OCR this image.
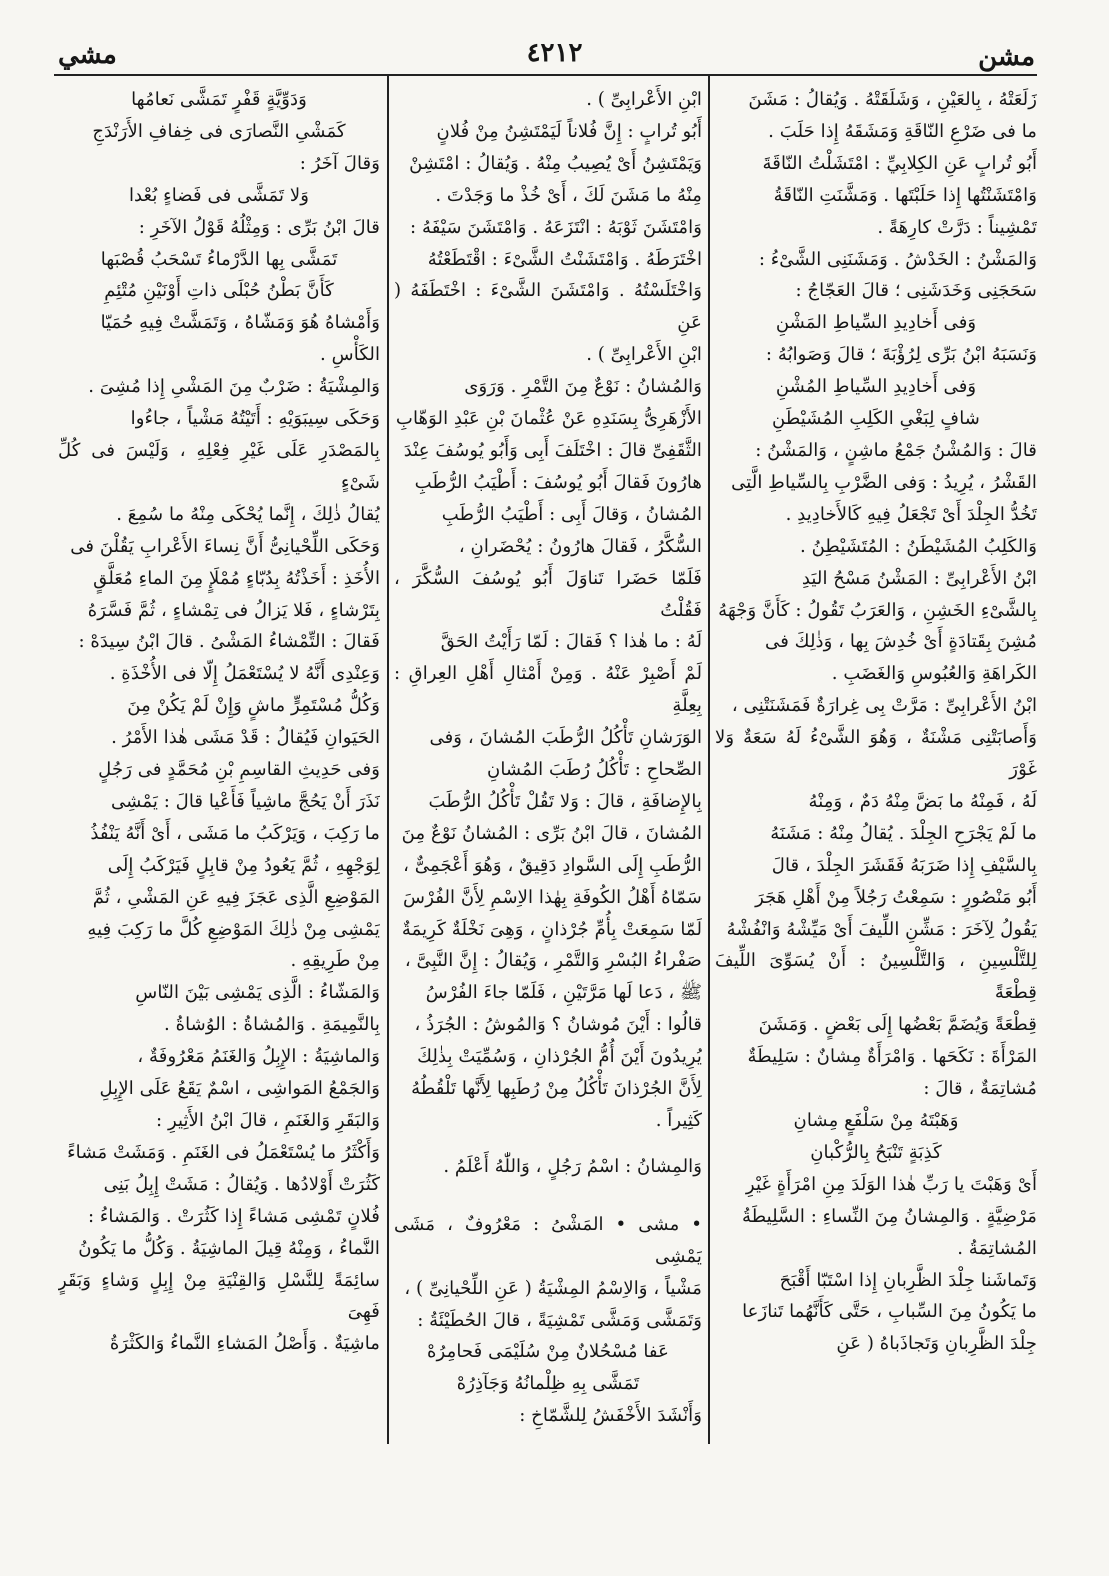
مشن
٤٢١٢
مشي

زَلَعَتْهُ ، بِالعَيْنِ ، وَشَلَقَتْهُ . وَيُقالُ : مَشَنَ

ما فى ضَرْعِ النّاقَةِ وَمَشَقَهُ إِذا حَلَبَ .

أَبُو تُرابٍ عَنِ الكِلابِيِّ : امْتَشَلْتُ النّاقَةَ

وَامْتَشَنْتُها إِذا حَلَبْتَها . وَمَشَّنَتِ النّاقَةُ

تَمْشِيناً : دَرَّتْ كارِهَةً .

وَالمَشْنُ : الخَدْشُ . وَمَشَنَنِى الشَّىْءُ :

سَحَجَنِى وَخَدَشَنِى ؛ قالَ العَجّاجُ :

وَفى أَخادِيدِ السِّياطِ المَشْنِ

وَنَسَبَهُ ابْنُ بَرِّى لِرُؤْبَةَ ؛ قالَ وَصَوابُهُ :

وَفى أَخادِيدِ السِّياطِ المُشْنِ

شافٍ لِبَغْىِ الكَلِبِ المُشَيْطَنِ

قالَ : وَالمُشْنُ جَمْعُ ماشِنٍ ، وَالمَشْنُ :

القَشْرُ ، يُرِيدُ : وَفى الضَّرْبِ بِالسِّياطِ الَّتِى

تَخُدُّ الجِلْدَ أَىْ تَجْعَلُ فِيهِ كَالأَخادِيدِ .

وَالكَلِبُ المُشَيْطَنُ : المُتَشَيْطِنُ .

ابْنُ الأَعْرابِىِّ : المَشْنُ مَسْحُ اليَدِ

بِالشَّىْءِ الخَشِنِ ، وَالعَرَبُ تَقُولُ : كَأَنَّ وَجْهَهُ

مُشِنَ بِقَتادَةٍ أَىْ خُدِشَ بِها ، وَذٰلِكَ فى

الكَراهَةِ وَالعُبُوسِ وَالغَضَبِ .

ابْنُ الأَعْرابِىِّ : مَرَّتْ بِى غِرارَةٌ فَمَشَنَتْنِى ،

وَأَصابَتْنِى مَشْنَةٌ ، وَهُوَ الشَّىْءُ لَهُ سَعَةٌ وَلا غَوْرَ

لَهُ ، فَمِنْهُ ما بَضَّ مِنْهُ دَمٌ ، وَمِنْهُ

ما لَمْ يَجْرَحِ الجِلْدَ . يُقالُ مِنْهُ : مَشَنَهُ

بِالسَّيْفِ إِذا ضَرَبَهُ فَقَشَرَ الجِلْدَ ، قالَ

أَبُو مَنْصُورٍ : سَمِعْتُ رَجُلاً مِنْ أَهْلِ هَجَرَ

يَقُولُ لِآخَرَ : مَشِّنِ اللِّيفَ أَىْ مَيِّشْهُ وَانْفُشْهُ

لِلتَّلْسِينِ ، وَالتَّلْسِينُ : أَنْ يُسَوِّىَ اللِّيفَ قِطْعَةً

قِطْعَةً وَيُضَمَّ بَعْضُها إِلَى بَعْضٍ . وَمَشَنَ

المَرْأَةَ : نَكَحَها . وَامْرَأَةٌ مِشانٌ : سَلِيطَةٌ

مُشاتِمَةٌ ، قالَ :

وَهَبْتَهُ مِنْ سَلْفَعٍ مِشانِ

كَذِبَةٍ تَنْبَحُ بِالرُّكْبانِ

أَىْ وَهَبْتَ يا رَبِّ هٰذا الوَلَدَ مِنِ امْرَأَةٍ غَيْرِ

مَرْضِيَّةٍ . وَالمِشانُ مِنَ النِّساءِ : السَّلِيطَةُ

المُشاتِمَةُ .

وَتَماشَنا جِلْدَ الظَّرِبانِ إِذا اسْتَبّا أَقْبَحَ

ما يَكُونُ مِنَ السِّبابِ ، حَتَّى كَأَنَّهُما تَنازَعا

جِلْدَ الظَّرِبانِ وَتَجاذَباهُ ( عَنِ

ابْنِ الأَعْرابِىِّ ) .

أَبُو تُرابٍ : إِنَّ فُلاناً لَيَمْتَشِنُ مِنْ فُلانٍ

وَيَمْتَشِنُ أَىْ يُصِيبُ مِنْهُ . وَيُقالُ : امْتَشِنْ

مِنْهُ ما مَشَنَ لَكَ ، أَىْ خُذْ ما وَجَدْتَ .

وَامْتَشَنَ ثَوْبَهُ : انْتَزَعَهُ . وَامْتَشَنَ سَيْفَهُ :

اخْتَرَطَهُ . وَامْتَشَنْتُ الشَّىْءَ : اقْتَطَعْتُهُ

وَاخْتَلَسْتُهُ . وَامْتَشَنَ الشَّىْءَ : اخْتَطَفَهُ ( عَنِ

ابْنِ الأَعْرابِىِّ ) .

وَالمُشانُ : نَوْعٌ مِنَ التَّمْرِ . وَرَوَى

الأَزْهَرِىُّ بِسَنَدِهِ عَنْ عُثْمانَ بْنِ عَبْدِ الوَهّابِ

الثَّقَفِىِّ قالَ : اخْتَلَفَ أَبِى وَأَبُو يُوسُفَ عِنْدَ

هارُونَ فَقالَ أَبُو يُوسُفَ : أَطْيَبُ الرُّطَبِ

المُشانُ ، وَقالَ أَبِى : أَطْيَبُ الرُّطَبِ

السُّكَّرُ ، فَقالَ هارُونُ : يُحْضَرانِ ،

فَلَمّا حَضَرا تَناوَلَ أَبُو يُوسُفَ السُّكَّرَ ، فَقُلْتُ

لَهُ : ما هٰذا ؟ فَقالَ : لَمّا رَأَيْتُ الحَقَّ

لَمْ أَصْبِرْ عَنْهُ . وَمِنْ أَمْثالِ أَهْلِ العِراقِ : بِعِلَّةِ

الوَرَشانِ تَأْكُلُ الرُّطَبَ المُشانَ ، وَفى

الصِّحاحِ : تَأْكُلُ رُطَبَ المُشانِ

بِالإِضافَةِ ، قالَ : وَلا تَقُلْ تَأْكُلُ الرُّطَبَ

المُشانَ ، قالَ ابْنُ بَرِّى : المُشانُ نَوْعٌ مِنَ

الرُّطَبِ إِلَى السَّوادِ دَقِيقٌ ، وَهُوَ أَعْجَمِىٌّ ،

سَمّاهُ أَهْلُ الكُوفَةِ بِهٰذا الاِسْمِ لِأَنَّ الفُرْسَ

لَمّا سَمِعَتْ بِأُمِّ جُرْذانٍ ، وَهِىَ نَخْلَةٌ كَرِيمَةٌ

صَفْراءُ البُسْرِ وَالتَّمْرِ ، وَيُقالُ : إِنَّ النَّبِىَّ ،

ﷺ ، دَعا لَها مَرَّتَيْنِ ، فَلَمّا جاءَ الفُرْسُ

قالُوا : أَيْنَ مُوشانُ ؟ وَالمُوشُ : الجُرَذُ ،

يُرِيدُونَ أَيْنَ أُمُّ الجُرْذانِ ، وَسُمِّيَتْ بِذٰلِكَ

لِأَنَّ الجُرْذانَ تَأْكُلُ مِنْ رُطَبِها لِأَنَّها تَلْقُطُهُ

كَثِيراً .

وَالمِشانُ : اسْمُ رَجُلٍ ، وَاللّٰهُ أَعْلَمُ .

• مشى • المَشْىُ : مَعْرُوفٌ ، مَشَى يَمْشِى

مَشْياً ، وَالاِسْمُ المِشْيَةُ ( عَنِ اللِّحْيانِىِّ ) ،

وَتَمَشَّى وَمَشَّى تَمْشِيَةً ، قالَ الحُطَيْئَةُ :

عَفا مُسْحُلانٌ مِنْ سُلَيْمَى فَحامِرُهْ

تَمَشَّى بِهِ ظِلْمانُهُ وَجَآذِرُهْ

وَأَنْشَدَ الأَخْفَشُ لِلشَّمّاخِ :

وَدَوِّيَّةٍ قَفْرٍ تَمَشَّى نَعامُها

كَمَشْىِ النَّصارَى فى خِفافِ الأَرَنْدَجِ

وَقالَ آخَرُ :

وَلا تَمَشَّى فى فَضاءٍ بُعْدا

قالَ ابْنُ بَرِّى : وَمِثْلُهُ قَوْلُ الآخَرِ :

تَمَشَّى بِها الدَّرْماءُ تَسْحَبُ قُصْبَها

كَأَنَّ بَطْنُ حُبْلَى ذاتِ أَوْنَيْنِ مُتْئِمِ

وَأَمْشاهُ هُوَ وَمَشّاهُ ، وَتَمَشَّتْ فِيهِ حُمَيّا

الكَأْسِ .

وَالمِشْيَةُ : ضَرْبٌ مِنَ المَشْىِ إِذا مُشِىَ .

وَحَكَى سِيبَوَيْهِ : أَتَيْتُهُ مَشْياً ، جاءُوا

بِالمَصْدَرِ عَلَى غَيْرِ فِعْلِهِ ، وَلَيْسَ فى كُلِّ شَىْءٍ

يُقالُ ذٰلِكَ ، إِنَّما يُحْكَى مِنْهُ ما سُمِعَ .

وَحَكَى اللِّحْيانِىُّ أَنَّ نِساءَ الأَعْرابِ يَقُلْنَ فى

الأُخَذِ : أَخَذْتُهُ بِدُبّاءٍ مُمْلَإٍ مِنَ الماءِ مُعَلَّقٍ

بِتَرْشاءٍ ، فَلا يَزالُ فى تِمْشاءٍ ، ثُمَّ فَسَّرَهُ

فَقالَ : التِّمْشاءُ المَشْىُ . قالَ ابْنُ سِيدَهْ :

وَعِنْدِى أَنَّهُ لا يُسْتَعْمَلُ إِلّا فى الأُخْذَةِ .

وَكُلُّ مُسْتَمِرٍّ ماشٍ وَإِنْ لَمْ يَكُنْ مِنَ

الحَيَوانِ فَيُقالُ : قَدْ مَشَى هٰذا الأَمْرُ .

وَفى حَدِيثِ القاسِمِ بْنِ مُحَمَّدٍ فى رَجُلٍ

نَذَرَ أَنْ يَحُجَّ ماشِياً فَأَعْيا قالَ : يَمْشِى

ما رَكِبَ ، وَيَرْكَبُ ما مَشَى ، أَىْ أَنَّهُ يَنْفُذُ

لِوَجْهِهِ ، ثُمَّ يَعُودُ مِنْ قابِلٍ فَيَرْكَبُ إِلَى

المَوْضِعِ الَّذِى عَجَزَ فِيهِ عَنِ المَشْىِ ، ثُمَّ

يَمْشِى مِنْ ذٰلِكَ المَوْضِعِ كُلَّ ما رَكِبَ فِيهِ

مِنْ طَرِيقِهِ .

وَالمَشّاءُ : الَّذِى يَمْشِى بَيْنَ النّاسِ

بِالنَّمِيمَةِ . وَالمُشاةُ : الوُشاةُ .

وَالماشِيَةُ : الإِبِلُ وَالغَنَمُ مَعْرُوفَةٌ ،

وَالجَمْعُ المَواشِى ، اسْمٌ يَقَعُ عَلَى الإِبِلِ

وَالبَقَرِ وَالغَنَمِ ، قالَ ابْنُ الأَثِيرِ :

وَأَكْثَرُ ما يُسْتَعْمَلُ فى الغَنَمِ . وَمَشَتْ مَشاءً

كَثُرَتْ أَوْلادُها . وَيُقالُ : مَشَتْ إِبِلُ بَنِى

فُلانٍ تَمْشِى مَشاءً إِذا كَثُرَتْ . وَالمَشاءُ :

النَّماءُ ، وَمِنْهُ قِيلَ الماشِيَةُ . وَكُلُّ ما يَكُونُ

سائِمَةً لِلنَّسْلِ وَالقِنْيَةِ مِنْ إِبِلٍ وَشاءٍ وَبَقَرٍ فَهِىَ

ماشِيَةٌ . وَأَصْلُ المَشاءِ النَّماءُ وَالكَثْرَةُ
